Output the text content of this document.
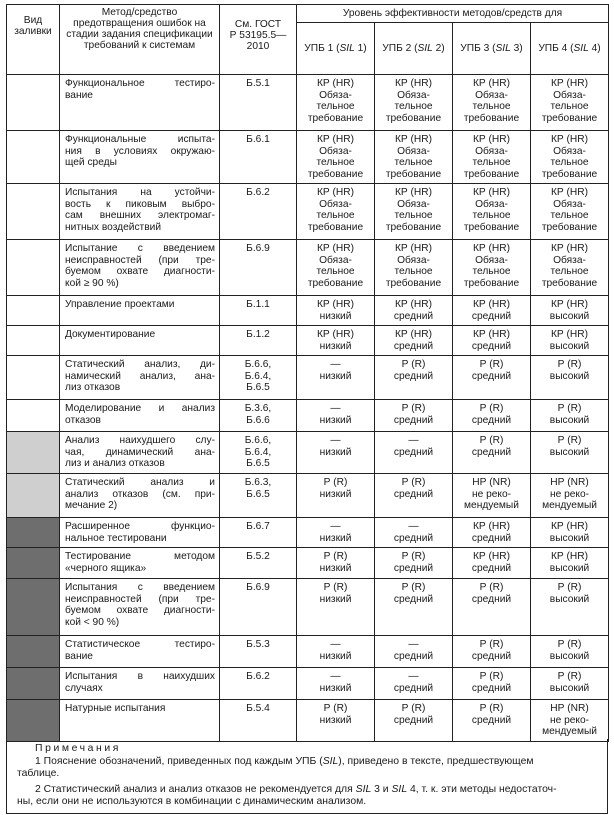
Вид
заливки	Метод/средство
предотвращения ошибок на
стадии задания спецификации
требований к системам	См. ГОСТ
Р 53195.5—2010	Уровень эффективности методов/средств для			
			УПБ 1 (SIL 1)	УПБ 2 (SIL 2)	УПБ 3 (SIL 3)	УПБ 4 (SIL 4)

	Функциональное тестиро-
вание	Б.5.1	КР (HR)
Обяза-
тельное
требование	КР (HR)
Обяза-
тельное
требование	КР (HR)
Обяза-
тельное
требование	КР (HR)
Обяза-
тельное
требование

	Функциональные испыта-
ния в условиях окружаю-
щей среды	Б.6.1	КР (HR)
Обяза-
тельное
требование	КР (HR)
Обяза-
тельное
требование	КР (HR)
Обяза-
тельное
требование	КР (HR)
Обяза-
тельное
требование

	Испытания на устойчи-
вость к пиковым выбро-
сам внешних электромаг-
нитных воздействий	Б.6.2	КР (HR)
Обяза-
тельное
требование	КР (HR)
Обяза-
тельное
требование	КР (HR)
Обяза-
тельное
требование	КР (HR)
Обяза-
тельное
требование

	Испытание с введением
неисправностей (при тре-
буемом охвате диагности-
кой ≥ 90 %)	Б.6.9	КР (HR)
Обяза-
тельное
требование	КР (HR)
Обяза-
тельное
требование	КР (HR)
Обяза-
тельное
требование	КР (HR)
Обяза-
тельное
требование

	Управление проектами	Б.1.1	КР (HR)
низкий	КР (HR)
средний	КР (HR)
средний	КР (HR)
высокий

	Документирование	Б.1.2	КР (HR)
низкий	КР (HR)
средний	КР (HR)
средний	КР (HR)
высокий

	Статический анализ, ди-
намический анализ, ана-
лиз отказов	Б.6.6,
Б.6.4,
Б.6.5	—
низкий	Р (R)
средний	Р (R)
средний	Р (R)
высокий

	Моделирование и анализ
отказов	Б.3.6,
Б.6.6	—
низкий	Р (R)
средний	Р (R)
средний	Р (R)
высокий

	Анализ наихудшего слу-
чая, динамический ана-
лиз и анализ отказов	Б.6.6,
Б.6.4,
Б.6.5	—
низкий	—
средний	Р (R)
средний	Р (R)
высокий

	Статический анализ и
анализ отказов (см. при-
мечание 2)	Б.6.3,
Б.6.5	Р (R)
низкий	Р (R)
средний	НР (NR)
не реко-
мендуемый	НР (NR)
не реко-
мендуемый

	Расширенное функцио-
нальное тестировани	Б.6.7	—
низкий	—
средний	КР (HR)
средний	КР (HR)
высокий

	Тестирование методом
«черного ящика»	Б.5.2	Р (R)
низкий	Р (R)
средний	КР (HR)
средний	КР (HR)
высокий

	Испытания с введением
неисправностей (при тре-
буемом охвате диагности-
кой < 90 %)	Б.6.9	Р (R)
низкий	Р (R)
средний	Р (R)
средний	Р (R)
высокий

	Статистическое тестиро-
вание	Б.5.3	—
низкий	—
средний	Р (R)
средний	Р (R)
высокий

	Испытания в наихудших
случаях	Б.6.2	—
низкий	—
средний	Р (R)
средний	Р (R)
высокий

	Натурные испытания	Б.5.4	Р (R)
низкий	Р (R)
средний	Р (R)
средний	НР (NR)
не реко-
мендуемый
Примечания
1 Пояснение обозначений, приведенных под каждым УПБ (SIL), приведено в тексте, предшествующем
таблице.
2 Статистический анализ и анализ отказов не рекомендуется для SIL 3 и SIL 4, т. к. эти методы недостаточ-
ны, если они не используются в комбинации с динамическим анализом.
